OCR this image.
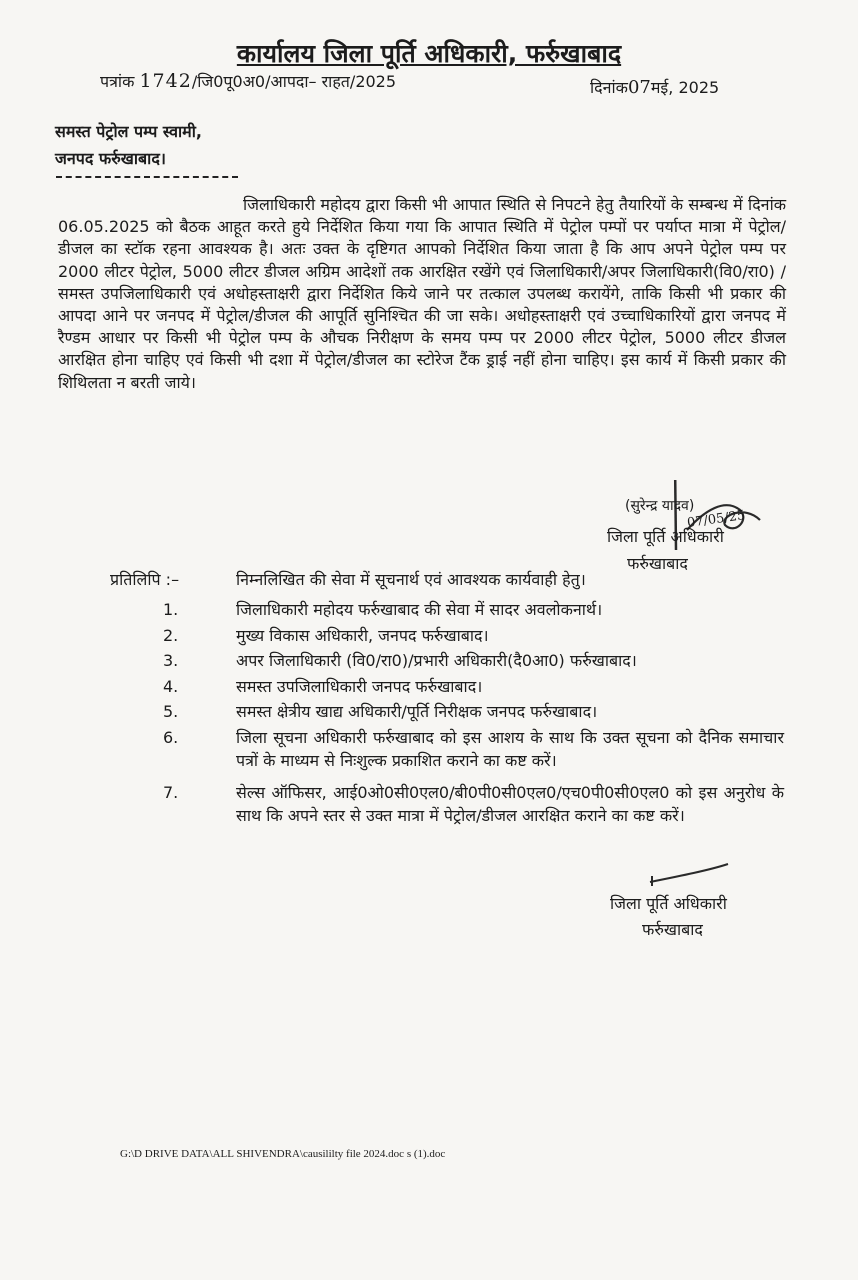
कार्यालय जिला पूर्ति अधिकारी, फर्रुखाबाद
पत्रांक 1742/जि0पू0अ0/आपदा– राहत/2025	दिनांक07मई, 2025
समस्त पेट्रोल पम्प स्वामी,
जनपद फर्रुखाबाद।
जिलाधिकारी महोदय द्वारा किसी भी आपात स्थिति से निपटने हेतु तैयारियों के सम्बन्ध में दिनांक 06.05.2025 को बैठक आहूत करते हुये निर्देशित किया गया कि आपात स्थिति में पेट्रोल पम्पों पर पर्याप्त मात्रा में पेट्रोल/डीजल का स्टॉक रहना आवश्यक है। अतः उक्त के दृष्टिगत आपको निर्देशित किया जाता है कि आप अपने पेट्रोल पम्प पर 2000 लीटर पेट्रोल, 5000 लीटर डीजल अग्रिम आदेशों तक आरक्षित रखेंगे एवं जिलाधिकारी/अपर जिलाधिकारी(वि0/रा0) / समस्त उपजिलाधिकारी एवं अधोहस्ताक्षरी द्वारा निर्देशित किये जाने पर तत्काल उपलब्ध करायेंगे, ताकि किसी भी प्रकार की आपदा आने पर जनपद में पेट्रोल/डीजल की आपूर्ति सुनिश्चित की जा सके। अधोहस्ताक्षरी एवं उच्चाधिकारियों द्वारा जनपद में रैण्डम आधार पर किसी भी पेट्रोल पम्प के औचक निरीक्षण के समय पम्प पर 2000 लीटर पेट्रोल, 5000 लीटर डीजल आरक्षित होना चाहिए एवं किसी भी दशा में पेट्रोल/डीजल का स्टोरेज टैंक ड्राई नहीं होना चाहिए। इस कार्य में किसी प्रकार की शिथिलता न बरती जाये।
(सुरेन्द्र यादव)
07/05/25
जिला पूर्ति अधिकारी
फर्रुखाबाद
प्रतिलिपि :–	निम्नलिखित की सेवा में सूचनार्थ एवं आवश्यक कार्यवाही हेतु।
1.	जिलाधिकारी महोदय फर्रुखाबाद की सेवा में सादर अवलोकनार्थ।
2.	मुख्य विकास अधिकारी, जनपद फर्रुखाबाद।
3.	अपर जिलाधिकारी (वि0/रा0)/प्रभारी अधिकारी(दै0आ0) फर्रुखाबाद।
4.	समस्त उपजिलाधिकारी जनपद फर्रुखाबाद।
5.	समस्त क्षेत्रीय खाद्य अधिकारी/पूर्ति निरीक्षक जनपद फर्रुखाबाद।
6.	जिला सूचना अधिकारी फर्रुखाबाद को इस आशय के साथ कि उक्त सूचना को दैनिक समाचार पत्रों के माध्यम से निःशुल्क प्रकाशित कराने का कष्ट करें।
7.	सेल्स ऑफिसर, आई0ओ0सी0एल0/बी0पी0सी0एल0/एच0पी0सी0एल0 को इस अनुरोध के साथ कि अपने स्तर से उक्त मात्रा में पेट्रोल/डीजल आरक्षित कराने का कष्ट करें।
जिला पूर्ति अधिकारी
फर्रुखाबाद
G:\D DRIVE DATA\ALL SHIVENDRA\causililty file 2024.doc s (1).doc
